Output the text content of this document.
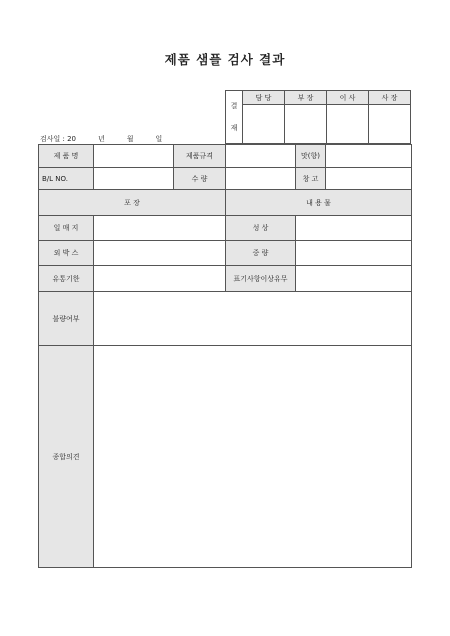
제품 샘플 검사 결과
검사일 : 20	년	월	일
결
재	담 당	부 장	이 사	사 장

제 품 명		제품규격		맛(향)	
B/L NO.		수 량		창 고	
포 장			내 용 물		
일 매 지			성 상		
외 박 스			중 량		
유통기한			표기사항이상유무		
불량여부					
종합의견					
